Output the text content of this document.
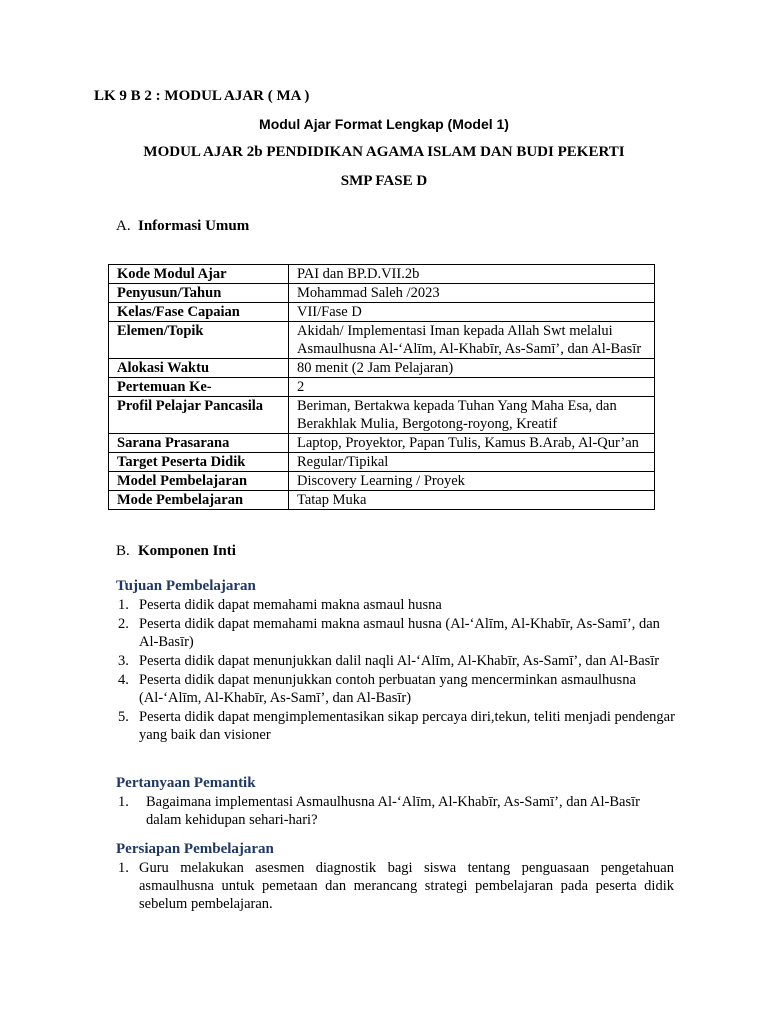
LK 9 B 2 : MODUL AJAR ( MA )
Modul Ajar Format Lengkap (Model 1)
MODUL AJAR 2b PENDIDIKAN AGAMA ISLAM DAN BUDI PEKERTI
SMP FASE D
A. Informasi Umum
Kode Modul Ajar	PAI dan BP.D.VII.2b
Penyusun/Tahun	Mohammad Saleh /2023
Kelas/Fase Capaian	VII/Fase D
Elemen/Topik	Akidah/ Implementasi Iman kepada Allah Swt melalui Asmaulhusna Al-‘Alīm, Al-Khabīr, As-Samī’, dan Al-Basīr
Alokasi Waktu	80 menit (2 Jam Pelajaran)
Pertemuan Ke-	2
Profil Pelajar Pancasila	Beriman, Bertakwa kepada Tuhan Yang Maha Esa, dan Berakhlak Mulia, Bergotong-royong, Kreatif
Sarana Prasarana	Laptop, Proyektor, Papan Tulis, Kamus B.Arab, Al-Qur’an
Target Peserta Didik	Regular/Tipikal
Model Pembelajaran	Discovery Learning / Proyek
Mode Pembelajaran	Tatap Muka
B. Komponen Inti
Tujuan Pembelajaran
1. Peserta didik dapat memahami makna asmaul husna
2. Peserta didik dapat memahami makna asmaul husna (Al-‘Alīm, Al-Khabīr, As-Samī’, dan Al-Basīr)
3. Peserta didik dapat menunjukkan dalil naqli Al-‘Alīm, Al-Khabīr, As-Samī’, dan Al-Basīr
4. Peserta didik dapat menunjukkan contoh perbuatan yang mencerminkan asmaulhusna (Al-‘Alīm, Al-Khabīr, As-Samī’, dan Al-Basīr)
5. Peserta didik dapat mengimplementasikan sikap percaya diri,tekun, teliti menjadi pendengar yang baik dan visioner
Pertanyaan Pemantik
1. Bagaimana implementasi Asmaulhusna Al-‘Alīm, Al-Khabīr, As-Samī’, dan Al-Basīr dalam kehidupan sehari-hari?
Persiapan Pembelajaran
1. Guru melakukan asesmen diagnostik bagi siswa tentang penguasaan pengetahuan asmaulhusna untuk pemetaan dan merancang strategi pembelajaran pada peserta didik sebelum pembelajaran.
